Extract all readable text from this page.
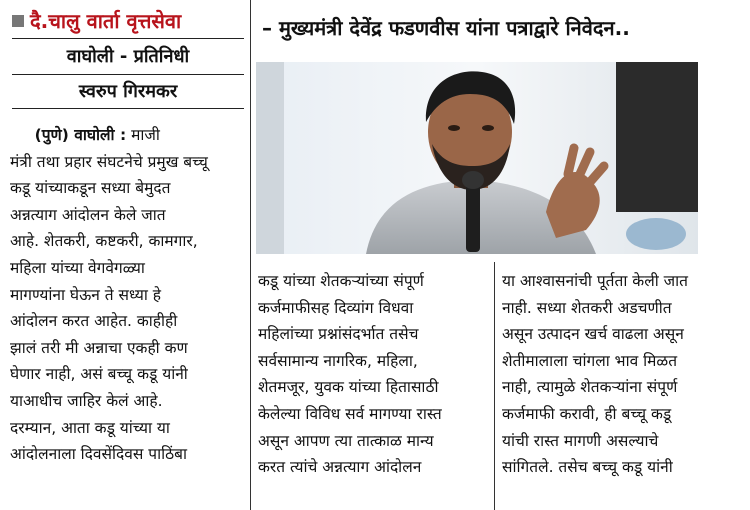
दै.चालु वार्ता वृत्तसेवा
वाघोली - प्रतिनिधी
स्वरुप गिरमकर
– मुख्यमंत्री देवेंद्र फडणवीस यांना पत्राद्वारे निवेदन..
(पुणे) वाघोली : माजी
मंत्री तथा प्रहार संघटनेचे प्रमुख बच्चू
कडू यांच्याकडून सध्या बेमुदत
अन्नत्याग आंदोलन केले जात
आहे. शेतकरी, कष्टकरी, कामगार,
महिला यांच्या वेगवेगळ्या
मागण्यांना घेऊन ते सध्या हे
आंदोलन करत आहेत. काहीही
झालं तरी मी अन्नाचा एकही कण
घेणार नाही, असं बच्चू कडू यांनी
याआधीच जाहिर केलं आहे.
दरम्यान, आता कडू यांच्या या
आंदोलनाला दिवसेंदिवस पाठिंबा
कडू यांच्या शेतकऱ्यांच्या संपूर्ण
कर्जमाफीसह दिव्यांग विधवा
महिलांच्या प्रश्नांसंदर्भात तसेच
सर्वसामान्य नागरिक, महिला,
शेतमजूर, युवक यांच्या हितासाठी
केलेल्या विविध सर्व मागण्या रास्त
असून आपण त्या तात्काळ मान्य
करत त्यांचे अन्नत्याग आंदोलन
या आश्वासनांची पूर्तता केली जात
नाही. सध्या शेतकरी अडचणीत
असून उत्पादन खर्च वाढला असून
शेतीमालाला चांगला भाव मिळत
नाही, त्यामुळे शेतकऱ्यांना संपूर्ण
कर्जमाफी करावी, ही बच्चू कडू
यांची रास्त मागणी असल्याचे
सांगितले. तसेच बच्चू कडू यांनी
